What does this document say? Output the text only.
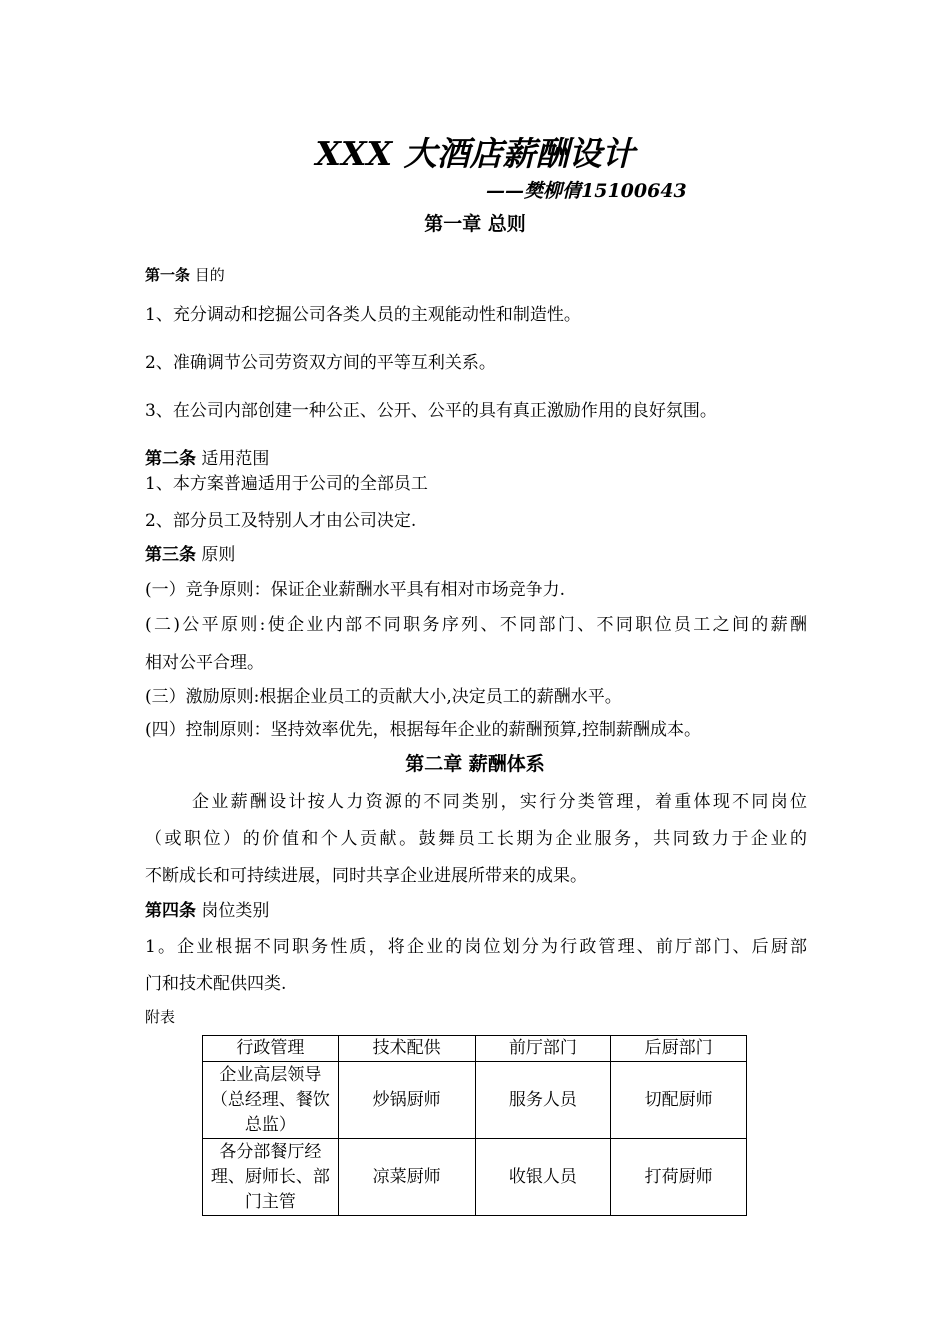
XXX 大酒店薪酬设计
——樊柳倩15100643
第一章 总则
第一条 目的
1、充分调动和挖掘公司各类人员的主观能动性和制造性。
2、准确调节公司劳资双方间的平等互利关系。
3、在公司内部创建一种公正、公开、公平的具有真正激励作用的良好氛围。
第二条 适用范围
1、本方案普遍适用于公司的全部员工
2、部分员工及特别人才由公司决定.
第三条 原则
(一）竞争原则：保证企业薪酬水平具有相对市场竞争力.
(二)公平原则:使企业内部不同职务序列、不同部门、不同职位员工之间的薪酬
相对公平合理。
(三）激励原则:根据企业员工的贡献大小,决定员工的薪酬水平。
(四）控制原则：坚持效率优先，根据每年企业的薪酬预算,控制薪酬成本。
第二章 薪酬体系
企业薪酬设计按人力资源的不同类别，实行分类管理，着重体现不同岗位
（或职位）的价值和个人贡献。鼓舞员工长期为企业服务，共同致力于企业的
不断成长和可持续进展，同时共享企业进展所带来的成果。
第四条 岗位类别
1。企业根据不同职务性质，将企业的岗位划分为行政管理、前厅部门、后厨部
门和技术配供四类.
附表
行政管理	技术配供	前厅部门	后厨部门
企业高层领导（总经理、餐饮总监）	炒锅厨师	服务人员	切配厨师
各分部餐厅经理、厨师长、部门主管	凉菜厨师	收银人员	打荷厨师
